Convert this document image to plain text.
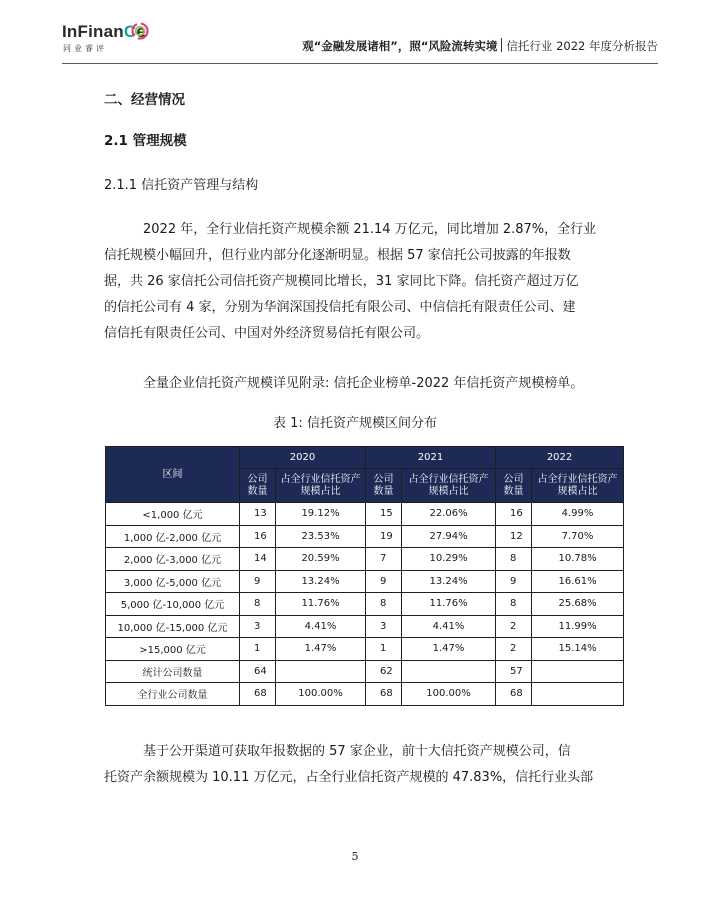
InFinanCe
同业睿评	观“金融发展诸相”，照“风险流转实境 信托行业 2022 年度分析报告
二、经营情况
2.1 管理规模
2.1.1 信托资产管理与结构
2022 年，全行业信托资产规模余额 21.14 万亿元，同比增加 2.87%，全行业
信托规模小幅回升，但行业内部分化逐渐明显。根据 57 家信托公司披露的年报数
据，共 26 家信托公司信托资产规模同比增长，31 家同比下降。信托资产超过万亿
的信托公司有 4 家，分别为华润深国投信托有限公司、中信信托有限责任公司、建
信信托有限责任公司、中国对外经济贸易信托有限公司。
全量企业信托资产规模详见附录: 信托企业榜单-2022 年信托资产规模榜单。
表 1: 信托资产规模区间分布
区间	2020		2021		2022	
	公司数量	占全行业信托资产规模占比	公司数量	占全行业信托资产规模占比	公司数量	占全行业信托资产规模占比
<1,000 亿元	13	19.12%	15	22.06%	16	4.99%
1,000 亿-2,000 亿元	16	23.53%	19	27.94%	12	7.70%
2,000 亿-3,000 亿元	14	20.59%	7	10.29%	8	10.78%
3,000 亿-5,000 亿元	9	13.24%	9	13.24%	9	16.61%
5,000 亿-10,000 亿元	8	11.76%	8	11.76%	8	25.68%
10,000 亿-15,000 亿元	3	4.41%	3	4.41%	2	11.99%
>15,000 亿元	1	1.47%	1	1.47%	2	15.14%
统计公司数量	64		62		57	
全行业公司数量	68	100.00%	68	100.00%	68	
基于公开渠道可获取年报数据的 57 家企业，前十大信托资产规模公司，信
托资产余额规模为 10.11 万亿元，占全行业信托资产规模的 47.83%，信托行业头部
5
